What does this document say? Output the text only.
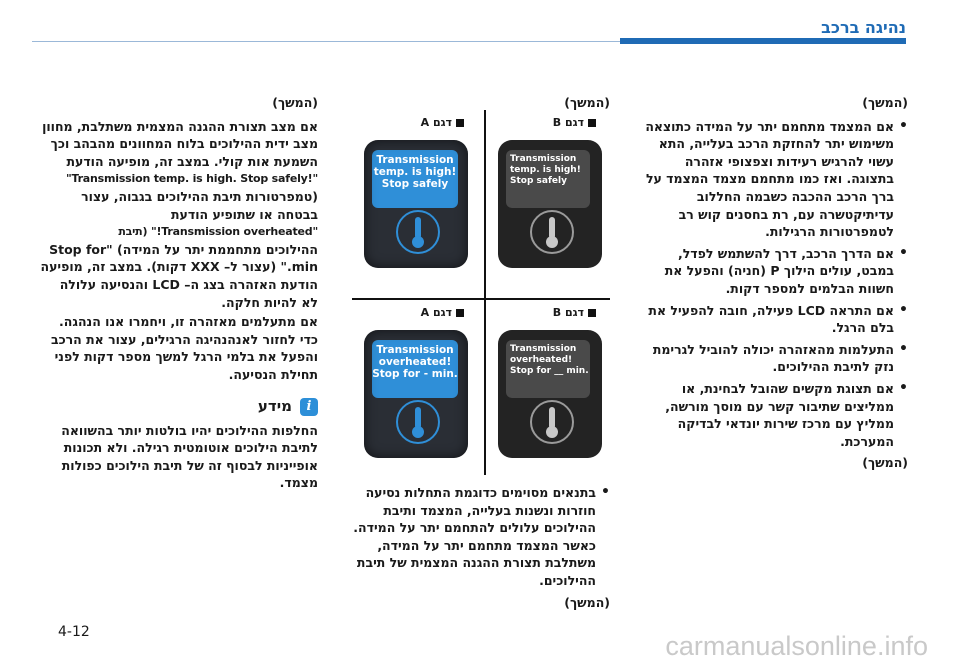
נהיגה ברכב

(המשך)

• אם המצמד מתחמם יתר על המידה כתוצאה משימוש יתר להחזקת הרכב בעלייה, התא עשוי להרגיש רעידות וצפצופי אזהרה בתצוגה. ואז כמו מתחמם מצמד המצמד על ברך הרכב ההכבה כשבמה החללוב עדיתיקטשרה עם, רת בחסנים קוש רב לטמפרטורות הרגילות.
• אם הדרך הרכב, דרך להשתמש לפדל, במבט, עולים הילוך P (חניה) והפעל את חשוות הבלמים למספר דקות.
• אם התראה LCD פעילה, חובה להפעיל את בלם הרגל.
• התעלמות מהאזהרה יכולה להוביל לגרימת נזק לתיבת ההילוכים.
• אם תצוגת מקשים שהובל לבחינת, או ממליצים שתיבור קשר עם מוסך מורשה, ממליץ עם מרכז שירות יונדאי לבדיקה המערכת.

(המשך)

(המשך)
דגם B
Transmission
temp. is high!
Stop safely
דגם A
Transmission
temp. is high!
Stop safely
דגם B
Transmission
overheated!
Stop for __ min.
דגם A
Transmission
overheated!
Stop for - min.
• בתנאים מסוימים כדוגמת התחלות נסיעה חוזרות ונשנות בעלייה, המצמד ותיבת ההילוכים עלולים להתחמם יתר על המידה. כאשר המצמד מתחמם יתר על המידה, משתלבת תצורת ההגנה המצמית של תיבת ההילוכים.

(המשך)

(המשך)

אם מצב תצורת ההגנה המצמית משתלבת, מחוון מצב ידית ההילוכים בלוח המחוונים מהבהב וכך השמעת אות קולי. במצב זה, מופיעה הודעת

"Transmission temp. is high. Stop safely!"

(טמפרטורות תיבת ההילוכים בגבוה, עצור בבטחה או שתופיע הודעת

"Transmission overheated!" (תיבת

ההילוכים מתחממת יתר על המידה) "Stop for min." (עצור ל– XXX דקות). במצב זה, מופיעה הודעת האזהרה בצג ה– LCD והנסיעה עלולה לא להיות חלקה.

אם מתעלמים מאזהרה זו, ויחמרו אנו הנהגה. כדי לחזור לאנהנהיגה הרגילים, עצור את הרכב והפעל את בלמי הרגל למשך מספר דקות לפני תחילת הנסיעה.

i
מידע

החלפות ההילוכים יהיו בולטות יותר בהשוואה לתיבת הילוכים אוטומטית רגילה. ולא תכונות אופייניות לבסוף זה של תיבת הילוכים כפולות מצמד.

4-12	carmanualsonline.info
